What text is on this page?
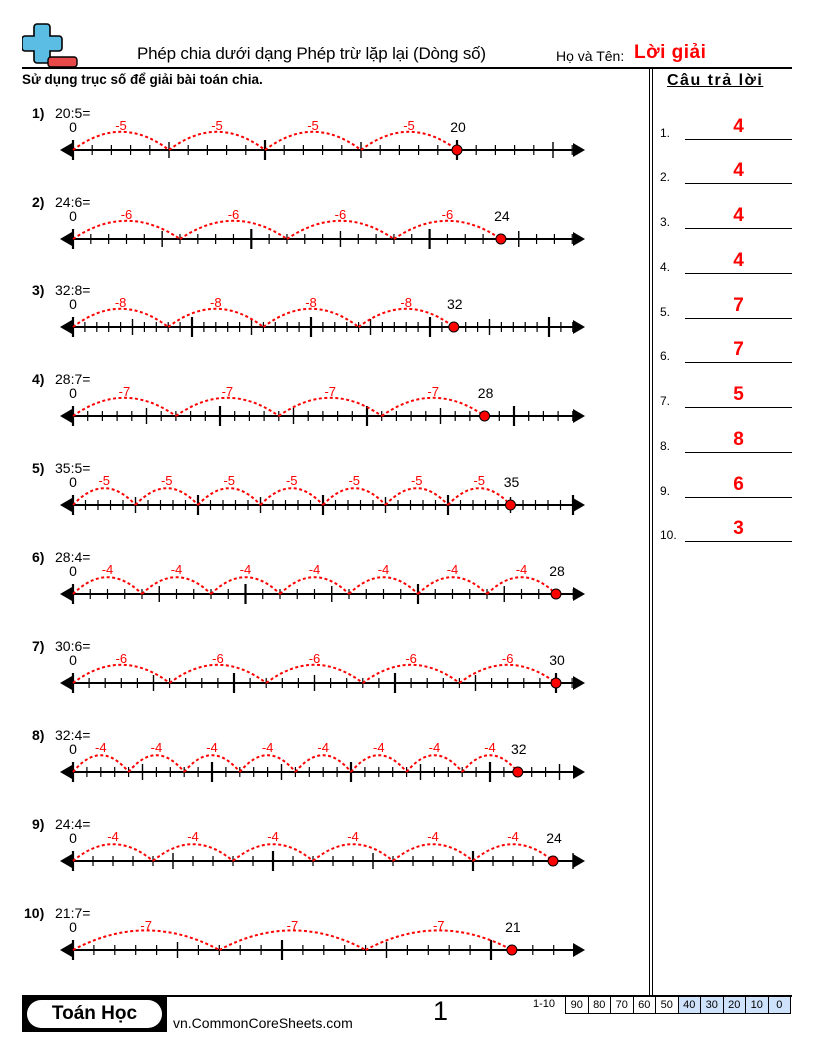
Phép chia dưới dạng Phép trừ lặp lại (Dòng số)	Họ và Tên: Lời giải
Sử dụng trục số để giải bài toán chia.	Câu trả lời
1) 20:5=
0	20
-5	-5	-5	-5
2) 24:6=
0	24
-6	-6	-6	-6
3) 32:8=
0	32
-8	-8	-8	-8
4) 28:7=
0	28
-7	-7	-7	-7
5) 35:5=
0	35
-5	-5	-5	-5	-5	-5	-5
6) 28:4=
0	28
-4	-4	-4	-4	-4	-4	-4
7) 30:6=
0	30
-6	-6	-6	-6	-6
8) 32:4=
0	32
-4	-4	-4	-4	-4	-4	-4	-4
9) 24:4=
0	24
-4	-4	-4	-4	-4	-4
10) 21:7=
0	21
-7	-7	-7
1.	4
2.	4
3.	4
4.	4
5.	7
6.	7
7.	5
8.	8
9.	6
10.	3
Toán Học	vn.CommonCoreSheets.com	1	1-10	90 80 70 60 50 40 30 20 10	0
